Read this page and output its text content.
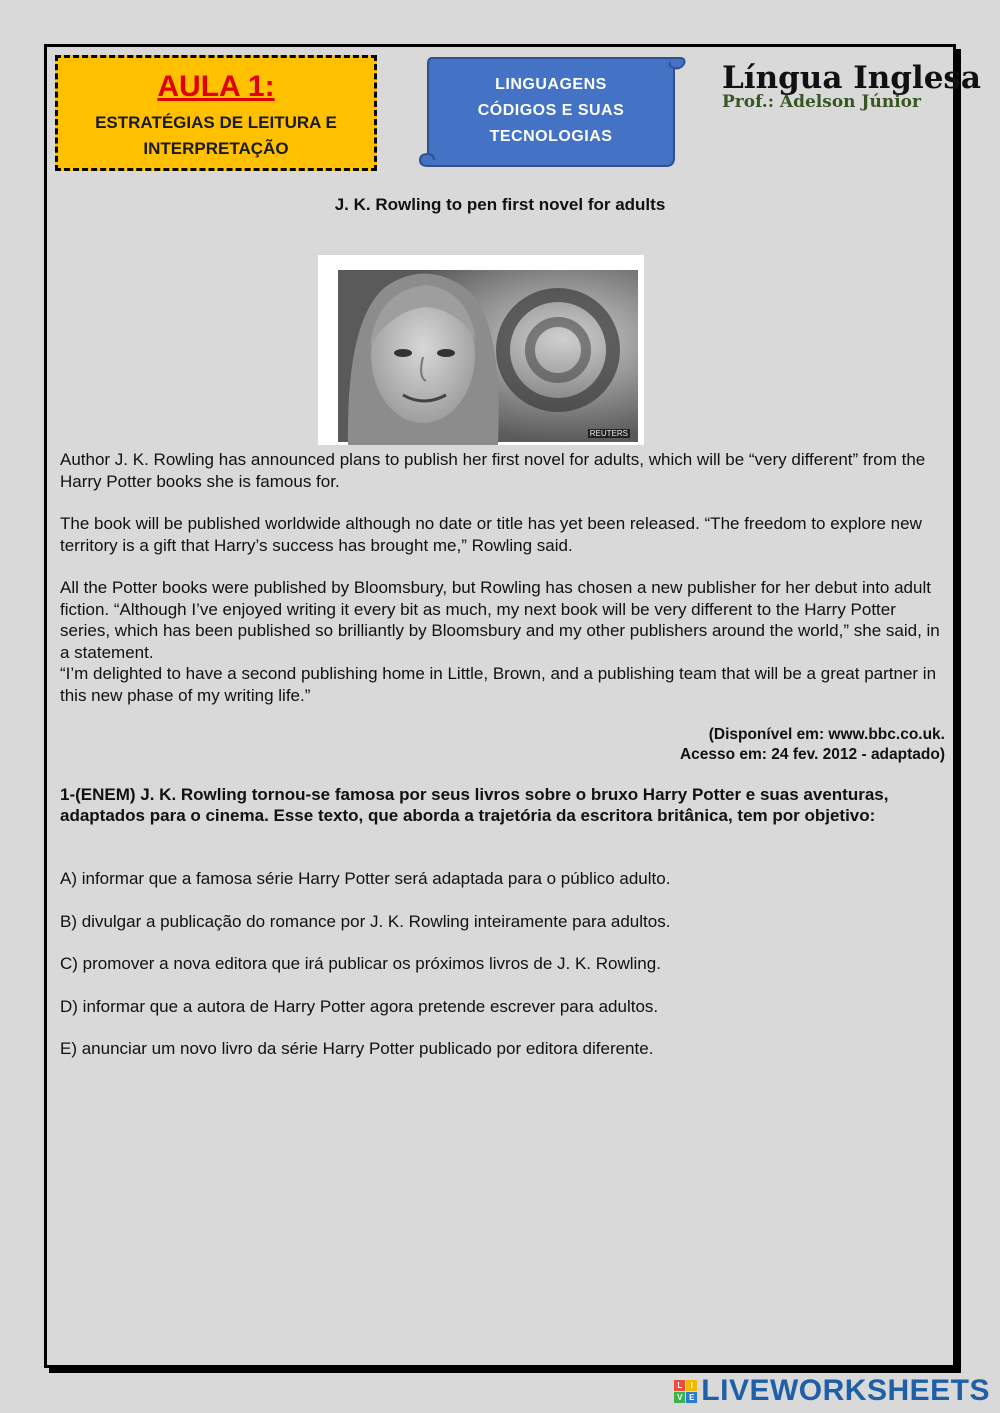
AULA 1:
ESTRATÉGIAS DE LEITURA E
INTERPRETAÇÃO
LINGUAGENS
CÓDIGOS E SUAS
TECNOLOGIAS
Língua Inglesa
Prof.: Adelson Júnior
J. K. Rowling to pen first novel for adults
REUTERS

Author J. K. Rowling has announced plans to publish her first novel for adults, which will be “very different” from the Harry Potter books she is famous for.

The book will be published worldwide although no date or title has yet been released. “The freedom to explore new territory is a gift that Harry’s success has brought me,” Rowling said.

All the Potter books were published by Bloomsbury, but Rowling has chosen a new publisher for her debut into adult fiction. “Although I’ve enjoyed writing it every bit as much, my next book will be very different to the Harry Potter series, which has been published so brilliantly by Bloomsbury and my other publishers around the world,” she said, in a statement.

“I’m delighted to have a second publishing home in Little, Brown, and a publishing team that will be a great partner in this new phase of my writing life.”

(Disponível em: www.bbc.co.uk.
Acesso em: 24 fev. 2012 - adaptado)
1-(ENEM) J. K. Rowling tornou-se famosa por seus livros sobre o bruxo Harry Potter e suas aventuras, adaptados para o cinema. Esse texto, que aborda a trajetória da escritora britânica, tem por objetivo:
A) informar que a famosa série Harry Potter será adaptada para o público adulto.
B) divulgar a publicação do romance por J. K. Rowling inteiramente para adultos.
C) promover a nova editora que irá publicar os próximos livros de J. K. Rowling.
D) informar que a autora de Harry Potter agora pretende escrever para adultos.
E) anunciar um novo livro da série Harry Potter publicado por editora diferente.
L	I
V E LIVEWORKSHEETS
